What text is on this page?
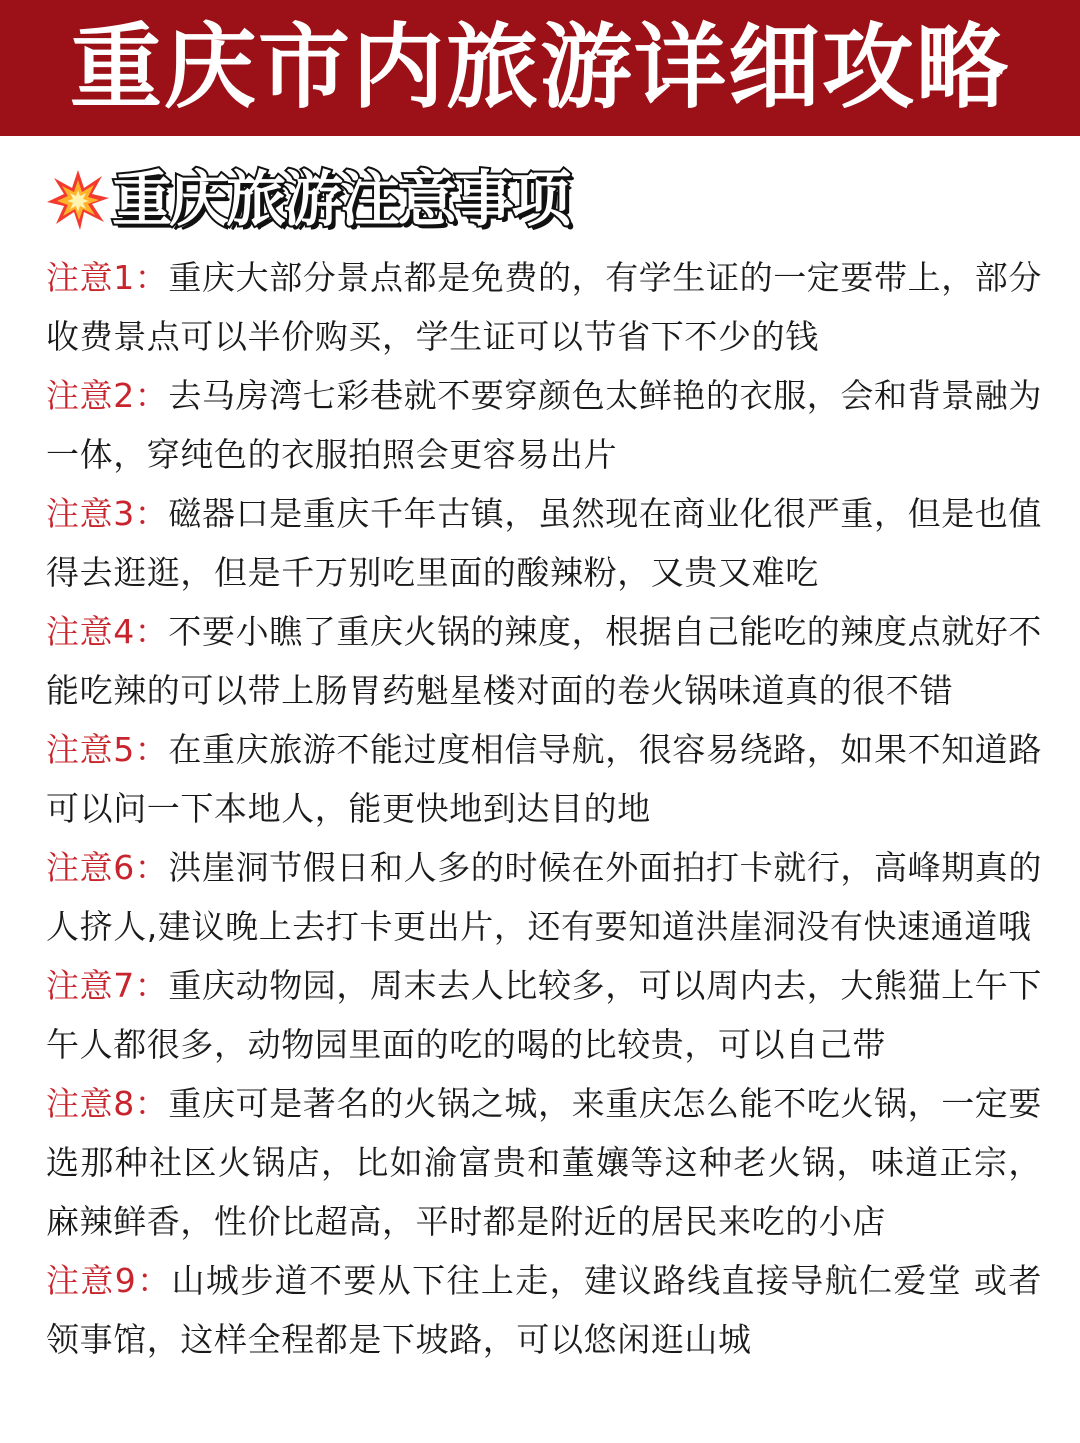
重庆市内旅游详细攻略
重庆旅游注意事项
注意1：重庆大部分景点都是免费的，有学生证的一定要带上，部分收费景点可以半价购买，学生证可以节省下不少的钱
注意2：去马房湾七彩巷就不要穿颜色太鲜艳的衣服，会和背景融为一体，穿纯色的衣服拍照会更容易出片
注意3：磁器口是重庆千年古镇，虽然现在商业化很严重，但是也值得去逛逛，但是千万别吃里面的酸辣粉，又贵又难吃
注意4：不要小瞧了重庆火锅的辣度，根据自己能吃的辣度点就好不能吃辣的可以带上肠胃药魁星楼对面的卷火锅味道真的很不错
注意5：在重庆旅游不能过度相信导航，很容易绕路，如果不知道路可以问一下本地人，能更快地到达目的地
注意6：洪崖洞节假日和人多的时候在外面拍打卡就行，高峰期真的人挤人,建议晚上去打卡更出片，还有要知道洪崖洞没有快速通道哦
注意7：重庆动物园，周末去人比较多，可以周内去，大熊猫上午下午人都很多，动物园里面的吃的喝的比较贵，可以自己带
注意8：重庆可是著名的火锅之城，来重庆怎么能不吃火锅，一定要选那种社区火锅店，比如渝富贵和董孃等这种老火锅，味道正宗，麻辣鲜香，性价比超高，平时都是附近的居民来吃的小店
注意9：山城步道不要从下往上走，建议路线直接导航仁爱堂 或者 领事馆，这样全程都是下坡路，可以悠闲逛山城
